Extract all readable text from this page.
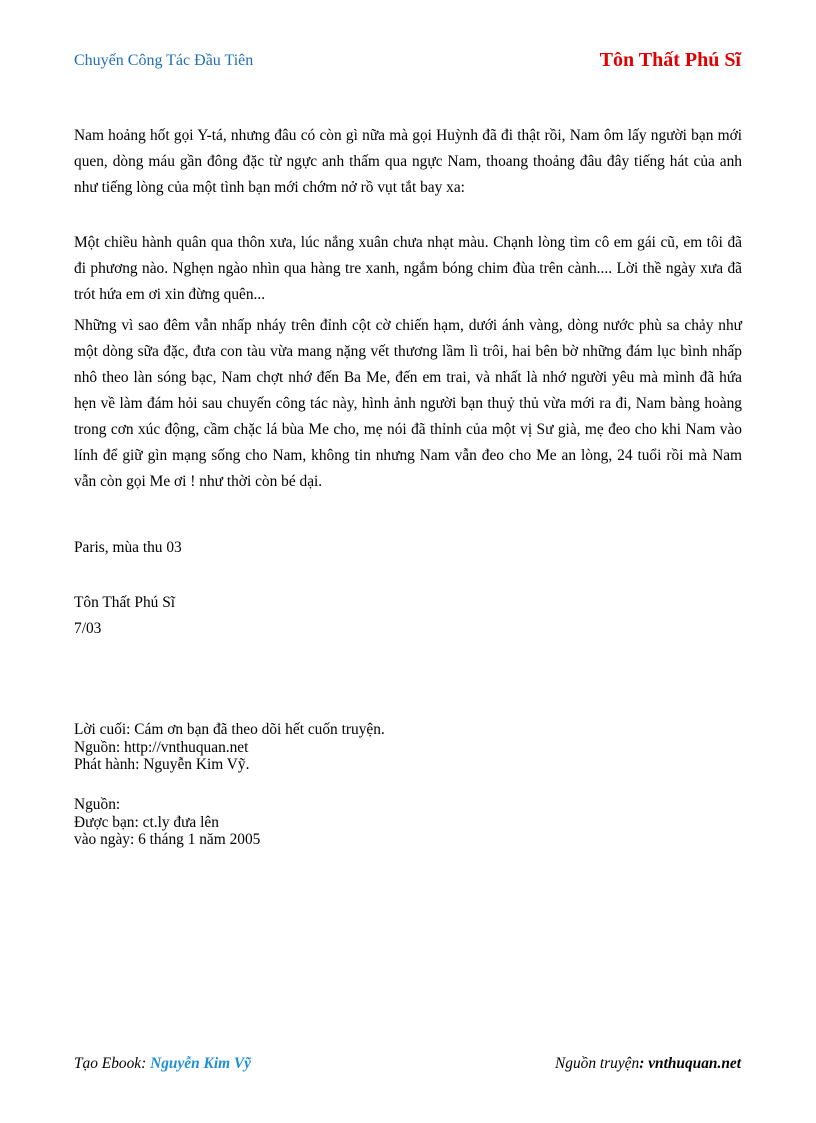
Chuyến Công Tác Đầu Tiên	Tôn Thất Phú Sĩ

Nam hoảng hốt gọi Y-tá, nhưng đâu có còn gì nữa mà gọi Huỳnh đã đi thật rồi, Nam ôm lấy người bạn mới quen, dòng máu gần đông đặc từ ngực anh thấm qua ngực Nam, thoang thoảng đâu đây tiếng hát của anh như tiếng lòng của một tình bạn mới chớm nở rồ vụt tắt bay xa:

Một chiều hành quân qua thôn xưa, lúc nắng xuân chưa nhạt màu. Chạnh lòng tìm cô em gái cũ, em tôi đã đi phương nào. Nghẹn ngào nhìn qua hàng tre xanh, ngắm bóng chim đùa trên cành.... Lời thề ngày xưa đã trót hứa em ơi xin đừng quên...

Những vì sao đêm vẫn nhấp nháy trên đỉnh cột cờ chiến hạm, dưới ánh vàng, dòng nước phù sa chảy như một dòng sữa đặc, đưa con tàu vừa mang nặng vết thương lầm lì trôi, hai bên bờ những đám lục bình nhấp nhô theo làn sóng bạc, Nam chợt nhớ đến Ba Me, đến em trai, và nhất là nhớ người yêu mà mình đã hứa hẹn về làm đám hỏi sau chuyến công tác này, hình ảnh người bạn thuỷ thủ vừa mới ra đi, Nam bàng hoàng trong cơn xúc động, cầm chặc lá bùa Me cho, mẹ nói đã thỉnh của một vị Sư già, mẹ đeo cho khi Nam vào lính để giữ gìn mạng sống cho Nam, không tin nhưng Nam vẫn đeo cho Me an lòng, 24 tuổi rồi mà Nam vẫn còn gọi Me ơi ! như thời còn bé dại.

Paris, mùa thu 03
Tôn Thất Phú Sĩ
7/03
Lời cuối: Cám ơn bạn đã theo dõi hết cuốn truyện.
Nguồn: http://vnthuquan.net
Phát hành: Nguyễn Kim Vỹ.
Nguồn:
Được bạn: ct.ly đưa lên
vào ngày: 6 tháng 1 năm 2005
Tạo Ebook: Nguyễn Kim Vỹ	Nguồn truyện: vnthuquan.net
